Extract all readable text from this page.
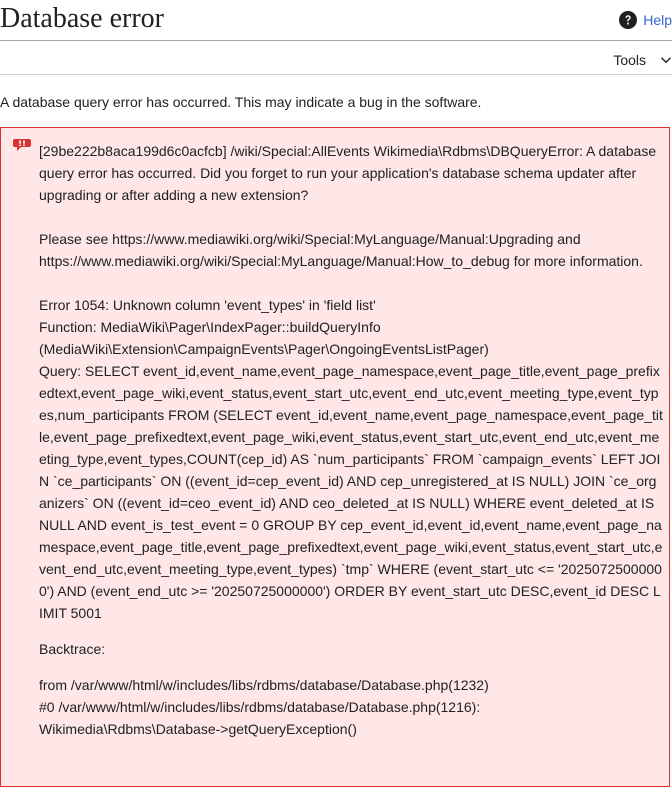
Database error	Help
Tools

A database query error has occurred. This may indicate a bug in the software.

[29be222b8aca199d6c0acfcb] /wiki/Special:AllEvents Wikimedia\Rdbms\DBQueryError: A database query error has occurred. Did you forget to run your application's database schema updater after upgrading or after adding a new extension?

Please see https://www.mediawiki.org/wiki/Special:MyLanguage/Manual:Upgrading and https://www.mediawiki.org/wiki/Special:MyLanguage/Manual:How_to_debug for more information.

Error 1054: Unknown column 'event_types' in 'field list'
Function: MediaWiki\Pager\IndexPager::buildQueryInfo (MediaWiki\Extension\CampaignEvents\Pager\OngoingEventsListPager)
Query: SELECT event_id,event_name,event_page_namespace,event_page_title,event_page_prefixedtext,event_page_wiki,event_status,event_start_utc,event_end_utc,event_meeting_type,event_types,num_participants FROM (SELECT event_id,event_name,event_page_namespace,event_page_title,event_page_prefixedtext,event_page_wiki,event_status,event_start_utc,event_end_utc,event_meeting_type,event_types,COUNT(cep_id) AS `num_participants` FROM `campaign_events` LEFT JOIN `ce_participants` ON ((event_id=cep_event_id) AND cep_unregistered_at IS NULL) JOIN `ce_organizers` ON ((event_id=ceo_event_id) AND ceo_deleted_at IS NULL) WHERE event_deleted_at IS NULL AND event_is_test_event = 0 GROUP BY cep_event_id,event_id,event_name,event_page_namespace,event_page_title,event_page_prefixedtext,event_page_wiki,event_status,event_start_utc,event_end_utc,event_meeting_type,event_types) `tmp` WHERE (event_start_utc <= '20250725000000') AND (event_end_utc >= '20250725000000') ORDER BY event_start_utc DESC,event_id DESC LIMIT 5001

Backtrace:

from /var/www/html/w/includes/libs/rdbms/database/Database.php(1232)
#0 /var/www/html/w/includes/libs/rdbms/database/Database.php(1216):
Wikimedia\Rdbms\Database->getQueryException()
